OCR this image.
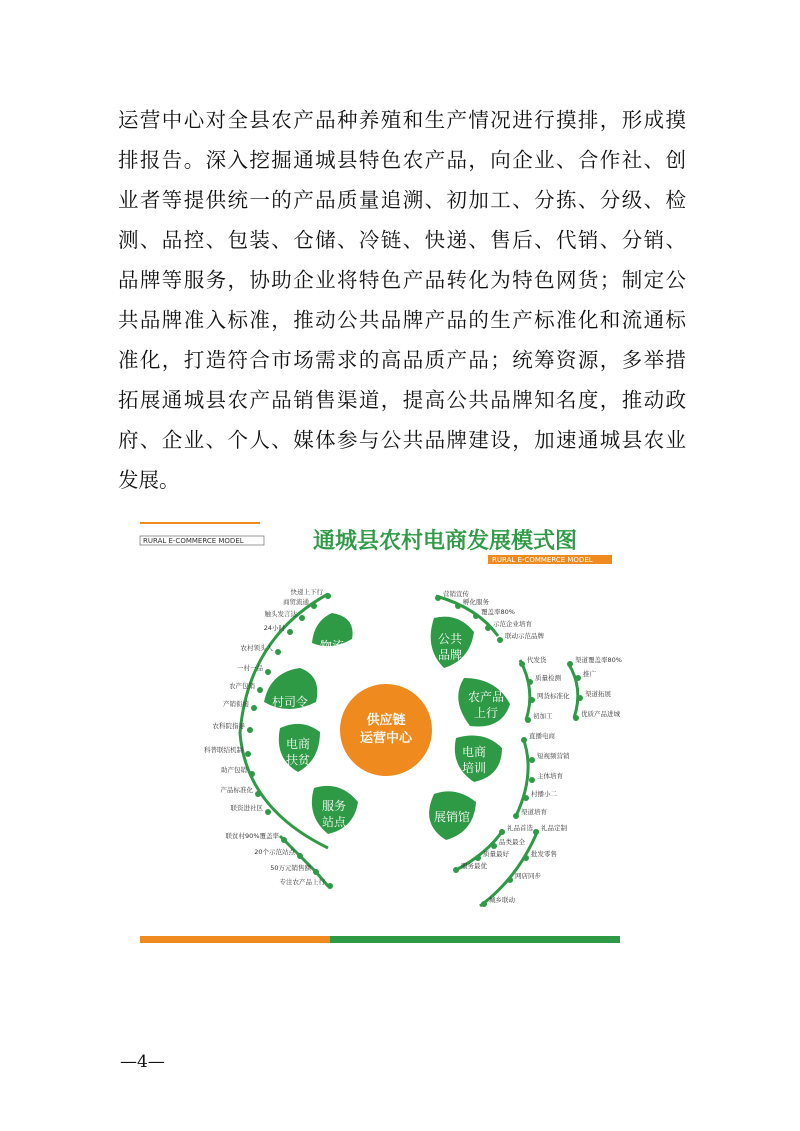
运营中心对全县农产品种养殖和生产情况进行摸排，形成摸
排报告。深入挖掘通城县特色农产品，向企业、合作社、创
业者等提供统一的产品质量追溯、初加工、分拣、分级、检
测、品控、包装、仓储、冷链、快递、售后、代销、分销、
品牌等服务，协助企业将特色产品转化为特色网货；制定公
共品牌准入标准，推动公共品牌产品的生产标准化和流通标
准化，打造符合市场需求的高品质产品；统筹资源，多举措
拓展通城县农产品销售渠道，提高公共品牌知名度，推动政
府、企业、个人、媒体参与公共品牌建设，加速通城县农业
发展。
RURAL E-COMMERCE MODEL	通城县农村电商发展模式图
RURAL E-COMMERCE MODEL
供应链
运营中心
物流
村司令
电商
扶贫
服务
站点
公共
品牌
农产品
上行
电商
培训
展销馆
快递上下行
商贸流通
触头发言达
24小时
农村领头人
一村一品
农产包销
产销衔接
农科院指导
科普联结机制
助产包销
产品标准化
联资进社区
联贫村90%覆盖率
20个示范站点
50万元销售额
专注农产品上行
营销宣传
孵化服务
覆盖率80%
示范企业培育
联动示范品牌
代发货
质量检测
网货标准化
初加工
渠道覆盖率80%
推广
渠道拓展
优质产品进城
直播电商
短视频营销
主体培育
村播小二
渠道培育
礼品首选
品类最全
质量最好
服务最优
礼品定制
批发零售
网店同步
城乡联动
—4—
